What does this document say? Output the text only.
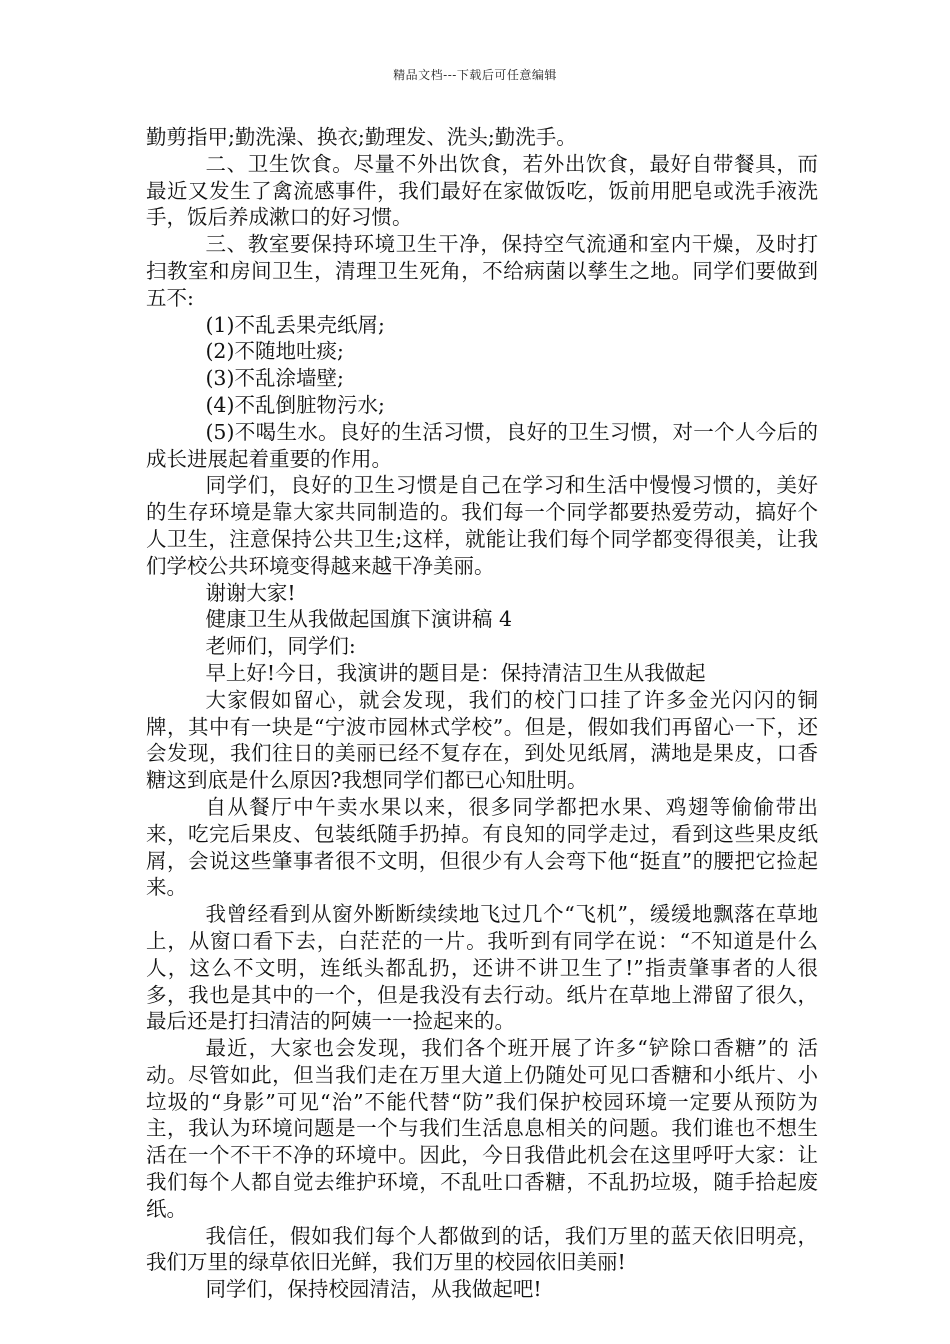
精品文档---下载后可任意编辑

勤剪指甲;勤洗澡、换衣;勤理发、洗头;勤洗手。

二、卫生饮食。尽量不外出饮食，若外出饮食，最好自带餐具，而最近又发生了禽流感事件，我们最好在家做饭吃，饭前用肥皂或洗手液洗手，饭后养成漱口的好习惯。

三、教室要保持环境卫生干净，保持空气流通和室内干燥，及时打扫教室和房间卫生，清理卫生死角，不给病菌以孳生之地。同学们要做到五不:

(1)不乱丢果壳纸屑;

(2)不随地吐痰;

(3)不乱涂墙壁;

(4)不乱倒脏物污水;

(5)不喝生水。良好的生活习惯，良好的卫生习惯，对一个人今后的成长进展起着重要的作用。

同学们，良好的卫生习惯是自己在学习和生活中慢慢习惯的，美好的生存环境是靠大家共同制造的。我们每一个同学都要热爱劳动，搞好个人卫生，注意保持公共卫生;这样，就能让我们每个同学都变得很美，让我们学校公共环境变得越来越干净美丽。

谢谢大家!

健康卫生从我做起国旗下演讲稿 4

老师们，同学们:

早上好!今日，我演讲的题目是：保持清洁卫生从我做起

大家假如留心，就会发现，我们的校门口挂了许多金光闪闪的铜牌，其中有一块是“宁波市园林式学校”。但是，假如我们再留心一下，还会发现，我们往日的美丽已经不复存在，到处见纸屑，满地是果皮，口香糖这到底是什么原因?我想同学们都已心知肚明。

自从餐厅中午卖水果以来，很多同学都把水果、鸡翅等偷偷带出来，吃完后果皮、包装纸随手扔掉。有良知的同学走过，看到这些果皮纸屑，会说这些肇事者很不文明，但很少有人会弯下他“挺直”的腰把它捡起来。

我曾经看到从窗外断断续续地飞过几个“飞机”，缓缓地飘落在草地上，从窗口看下去，白茫茫的一片。我听到有同学在说：“不知道是什么人，这么不文明，连纸头都乱扔，还讲不讲卫生了!”指责肇事者的人很多，我也是其中的一个，但是我没有去行动。纸片在草地上滞留了很久，最后还是打扫清洁的阿姨一一捡起来的。

最近，大家也会发现，我们各个班开展了许多“铲除口香糖”的 活动。尽管如此，但当我们走在万里大道上仍随处可见口香糖和小纸片、小垃圾的“身影”可见“治”不能代替“防”我们保护校园环境一定要从预防为主，我认为环境问题是一个与我们生活息息相关的问题。我们谁也不想生活在一个不干不净的环境中。因此，今日我借此机会在这里呼吁大家：让我们每个人都自觉去维护环境，不乱吐口香糖，不乱扔垃圾，随手拾起废纸。

我信任，假如我们每个人都做到的话，我们万里的蓝天依旧明亮，我们万里的绿草依旧光鲜，我们万里的校园依旧美丽!

同学们，保持校园清洁，从我做起吧!
